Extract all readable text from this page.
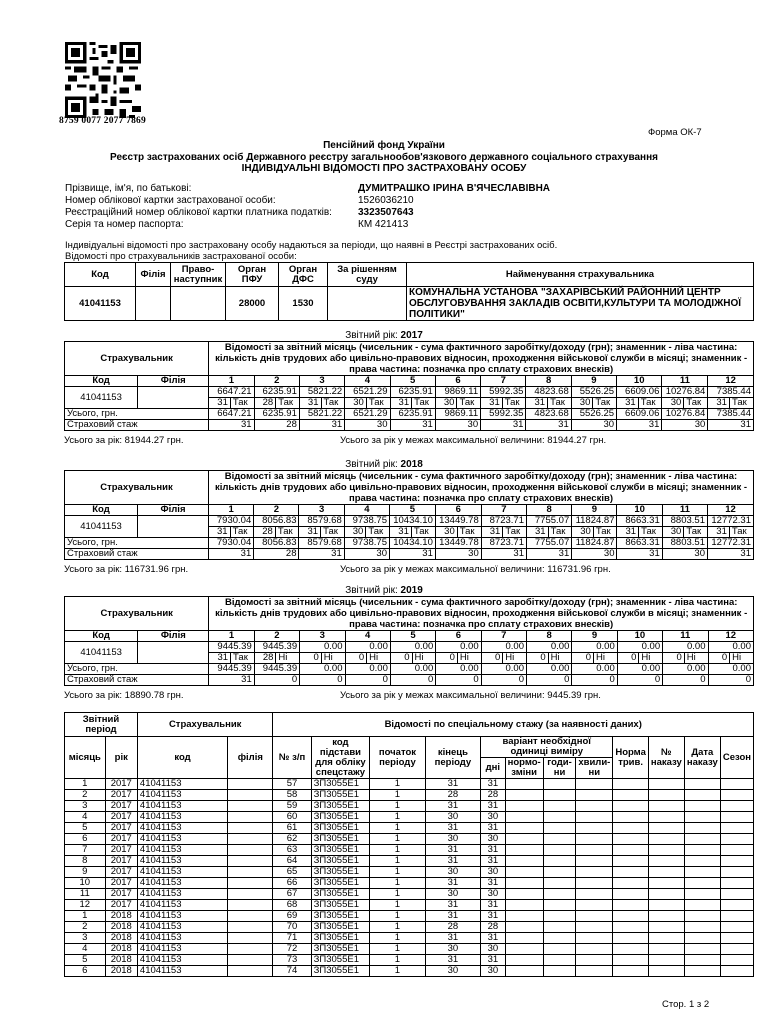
8759 0077 2077 7869
Форма ОК-7
Пенсійний фонд України
Реєстр застрахованих осіб Державного реєстру загальнообов'язкового державного соціального страхування
ІНДИВІДУАЛЬНІ ВІДОМОСТІ ПРО ЗАСТРАХОВАНУ ОСОБУ
Прізвище, ім'я, по батькові:	ДУМИТРАШКО ІРИНА В'ЯЧЕСЛАВІВНА
Номер облікової картки застрахованої особи:	1526036210
Реєстраційний номер облікової картки платника податків:	3323507643
Серія та номер паспорта:	КМ 421413
Індивідуальні відомості про застраховану особу надаються за періоди, що наявні в Реєстрі застрахованих осіб.
Відомості про страхувальників застрахованої особи:
Код	Філія	Право- наступник	Орган ПФУ	Орган ДФС	За рішенням суду	Найменування страхувальника
41041153			28000	1530		КОМУНАЛЬНА УСТАНОВА "ЗАХАРІВСЬКИЙ РАЙОННИЙ ЦЕНТР ОБСЛУГОВУВАННЯ ЗАКЛАДІВ ОСВІТИ,КУЛЬТУРИ ТА МОЛОДІЖНОЇ ПОЛІТИКИ"
Звітний рік: 2017
Страхувальник		Відомості за звітний місяць (чисельник - сума фактичного заробітку/доходу (грн); знаменник - ліва частина: кількість днів трудових або цивільно-правових відносин, проходження військової служби в місяці; знаменник - права частина: позначка про сплату страхових внесків)																							
Код	Філія	1		2		3		4		5		6		7		8		9		10		11		12	
41041153		6647.21		6235.91		5821.22		6521.29		6235.91		9869.11		5992.35		4823.68		5526.25		6609.06		10276.84		7385.44	
		31	Так	28	Так	31	Так	30	Так	31	Так	30	Так	31	Так	31	Так	30	Так	31	Так	30	Так	31	Так
Усього, грн.		6647.21		6235.91		5821.22		6521.29		6235.91		9869.11		5992.35		4823.68		5526.25		6609.06		10276.84		7385.44	
Страховий стаж		31		28		31		30		31		30		31		31		30		31		30		31	
Усього за рік: 81944.27 грн.	Усього за рік у межах максимальної величини: 81944.27 грн.
Звітний рік: 2018
Страхувальник		Відомості за звітний місяць (чисельник - сума фактичного заробітку/доходу (грн); знаменник - ліва частина: кількість днів трудових або цивільно-правових відносин, проходження військової служби в місяці; знаменник - права частина: позначка про сплату страхових внесків)																							
Код	Філія	1		2		3		4		5		6		7		8		9		10		11		12	
41041153		7930.04		8056.83		8579.68		9738.75		10434.10		13449.78		8723.71		7755.07		11824.87		8663.31		8803.51		12772.31	
		31	Так	28	Так	31	Так	30	Так	31	Так	30	Так	31	Так	31	Так	30	Так	31	Так	30	Так	31	Так
Усього, грн.		7930.04		8056.83		8579.68		9738.75		10434.10		13449.78		8723.71		7755.07		11824.87		8663.31		8803.51		12772.31	
Страховий стаж		31		28		31		30		31		30		31		31		30		31		30		31	
Усього за рік: 116731.96 грн.	Усього за рік у межах максимальної величини: 116731.96 грн.
Звітний рік: 2019
Страхувальник		Відомості за звітний місяць (чисельник - сума фактичного заробітку/доходу (грн); знаменник - ліва частина: кількість днів трудових або цивільно-правових відносин, проходження військової служби в місяці; знаменник - права частина: позначка про сплату страхових внесків)																							
Код	Філія	1		2		3		4		5		6		7		8		9		10		11		12	
41041153		9445.39		9445.39		0.00		0.00		0.00		0.00		0.00		0.00		0.00		0.00		0.00		0.00	
		31	Так	28	Ні	0	Ні	0	Ні	0	Ні	0	Ні	0	Ні	0	Ні	0	Ні	0	Ні	0	Ні	0	Ні
Усього, грн.		9445.39		9445.39		0.00		0.00		0.00		0.00		0.00		0.00		0.00		0.00		0.00		0.00	
Страховий стаж		31		0		0		0		0		0		0		0		0		0		0		0	
Усього за рік: 18890.78 грн.	Усього за рік у межах максимальної величини: 9445.39 грн.
Звітний період		Страхувальник		Відомості по спеціальному стажу (за наявності даних)											
місяць	рік	код	філія	№ з/п	код підстави для обліку спецстажу	початок періоду	кінець періоду	варіант необхідної одиниці виміру				Норма трив.	№ наказу	Дата наказу	Сезон
								дні	нормо- зміни	годи- ни	хвили- ни				
1	2017	41041153		57	ЗП3055Е1	1	31	31							
2	2017	41041153		58	ЗП3055Е1	1	28	28							
3	2017	41041153		59	ЗП3055Е1	1	31	31							
4	2017	41041153		60	ЗП3055Е1	1	30	30							
5	2017	41041153		61	ЗП3055Е1	1	31	31							
6	2017	41041153		62	ЗП3055Е1	1	30	30							
7	2017	41041153		63	ЗП3055Е1	1	31	31							
8	2017	41041153		64	ЗП3055Е1	1	31	31							
9	2017	41041153		65	ЗП3055Е1	1	30	30							
10	2017	41041153		66	ЗП3055Е1	1	31	31							
11	2017	41041153		67	ЗП3055Е1	1	30	30							
12	2017	41041153		68	ЗП3055Е1	1	31	31							
1	2018	41041153		69	ЗП3055Е1	1	31	31							
2	2018	41041153		70	ЗП3055Е1	1	28	28							
3	2018	41041153		71	ЗП3055Е1	1	31	31							
4	2018	41041153		72	ЗП3055Е1	1	30	30							
5	2018	41041153		73	ЗП3055Е1	1	31	31							
6	2018	41041153		74	ЗП3055Е1	1	30	30							
Стор. 1 з 2
